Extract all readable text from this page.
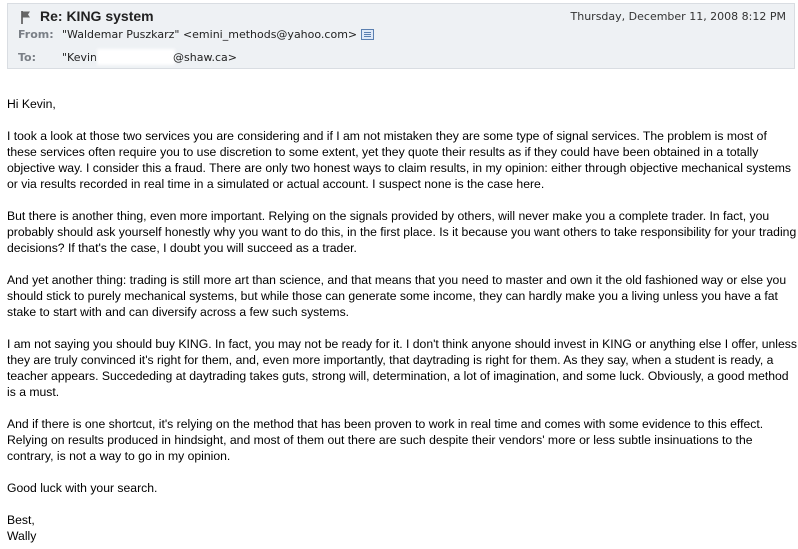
Re: KING system	Thursday, December 11, 2008 8:12 PM
From: "Waldemar Puszkarz" <emini_methods@yahoo.com>
To: "Kevin	@shaw.ca>

Hi Kevin,

I took a look at those two services you are considering and if I am not mistaken they are some type of signal services. The problem is most of these services often require you to use discretion to some extent, yet they quote their results as if they could have been obtained in a totally objective way. I consider this a fraud. There are only two honest ways to claim results, in my opinion: either through objective mechanical systems or via results recorded in real time in a simulated or actual account. I suspect none is the case here.

But there is another thing, even more important. Relying on the signals provided by others, will never make you a complete trader. In fact, you probably should ask yourself honestly why you want to do this, in the first place. Is it because you want others to take responsibility for your trading decisions? If that's the case, I doubt you will succeed as a trader.

And yet another thing: trading is still more art than science, and that means that you need to master and own it the old fashioned way or else you should stick to purely mechanical systems, but while those can generate some income, they can hardly make you a living unless you have a fat stake to start with and can diversify across a few such systems.

I am not saying you should buy KING. In fact, you may not be ready for it. I don't think anyone should invest in KING or anything else I offer, unless they are truly convinced it's right for them, and, even more importantly, that daytrading is right for them. As they say, when a student is ready, a teacher appears. Succededing at daytrading takes guts, strong will, determination, a lot of imagination, and some luck. Obviously, a good method is a must.

And if there is one shortcut, it's relying on the method that has been proven to work in real time and comes with some evidence to this effect. Relying on results produced in hindsight, and most of them out there are such despite their vendors' more or less subtle insinuations to the contrary, is not a way to go in my opinion.

Good luck with your search.

Best,

Wally
